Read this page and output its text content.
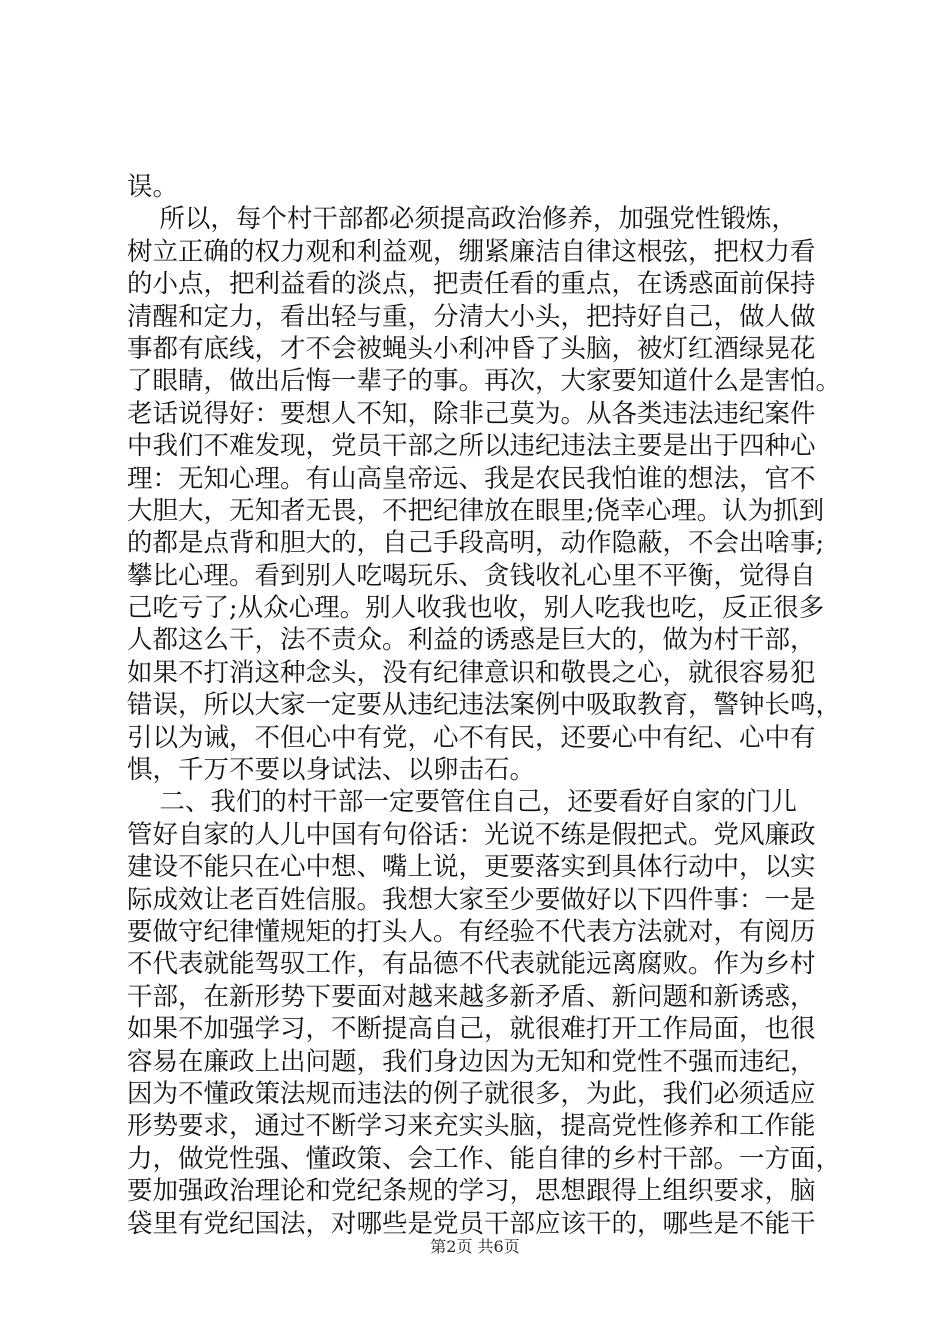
误。
所以，每个村干部都必须提高政治修养，加强党性锻炼，
树立正确的权力观和利益观，绷紧廉洁自律这根弦，把权力看
的小点，把利益看的淡点，把责任看的重点，在诱惑面前保持
清醒和定力，看出轻与重，分清大小头，把持好自己，做人做
事都有底线，才不会被蝇头小利冲昏了头脑，被灯红酒绿晃花
了眼睛，做出后悔一辈子的事。再次，大家要知道什么是害怕。
老话说得好：要想人不知，除非己莫为。从各类违法违纪案件
中我们不难发现，党员干部之所以违纪违法主要是出于四种心
理：无知心理。有山高皇帝远、我是农民我怕谁的想法，官不
大胆大，无知者无畏，不把纪律放在眼里;侥幸心理。认为抓到
的都是点背和胆大的，自己手段高明，动作隐蔽，不会出啥事;
攀比心理。看到别人吃喝玩乐、贪钱收礼心里不平衡，觉得自
己吃亏了;从众心理。别人收我也收，别人吃我也吃，反正很多
人都这么干，法不责众。利益的诱惑是巨大的，做为村干部，
如果不打消这种念头，没有纪律意识和敬畏之心，就很容易犯
错误，所以大家一定要从违纪违法案例中吸取教育，警钟长鸣，
引以为诫，不但心中有党，心不有民，还要心中有纪、心中有
惧，千万不要以身试法、以卵击石。
二、我们的村干部一定要管住自己，还要看好自家的门儿
管好自家的人儿中国有句俗话：光说不练是假把式。党风廉政
建设不能只在心中想、嘴上说，更要落实到具体行动中，以实
际成效让老百姓信服。我想大家至少要做好以下四件事：一是
要做守纪律懂规矩的打头人。有经验不代表方法就对，有阅历
不代表就能驾驭工作，有品德不代表就能远离腐败。作为乡村
干部，在新形势下要面对越来越多新矛盾、新问题和新诱惑，
如果不加强学习，不断提高自己，就很难打开工作局面，也很
容易在廉政上出问题，我们身边因为无知和党性不强而违纪，
因为不懂政策法规而违法的例子就很多，为此，我们必须适应
形势要求，通过不断学习来充实头脑，提高党性修养和工作能
力，做党性强、懂政策、会工作、能自律的乡村干部。一方面，
要加强政治理论和党纪条规的学习，思想跟得上组织要求，脑
袋里有党纪国法，对哪些是党员干部应该干的，哪些是不能干
第2页 共6页
